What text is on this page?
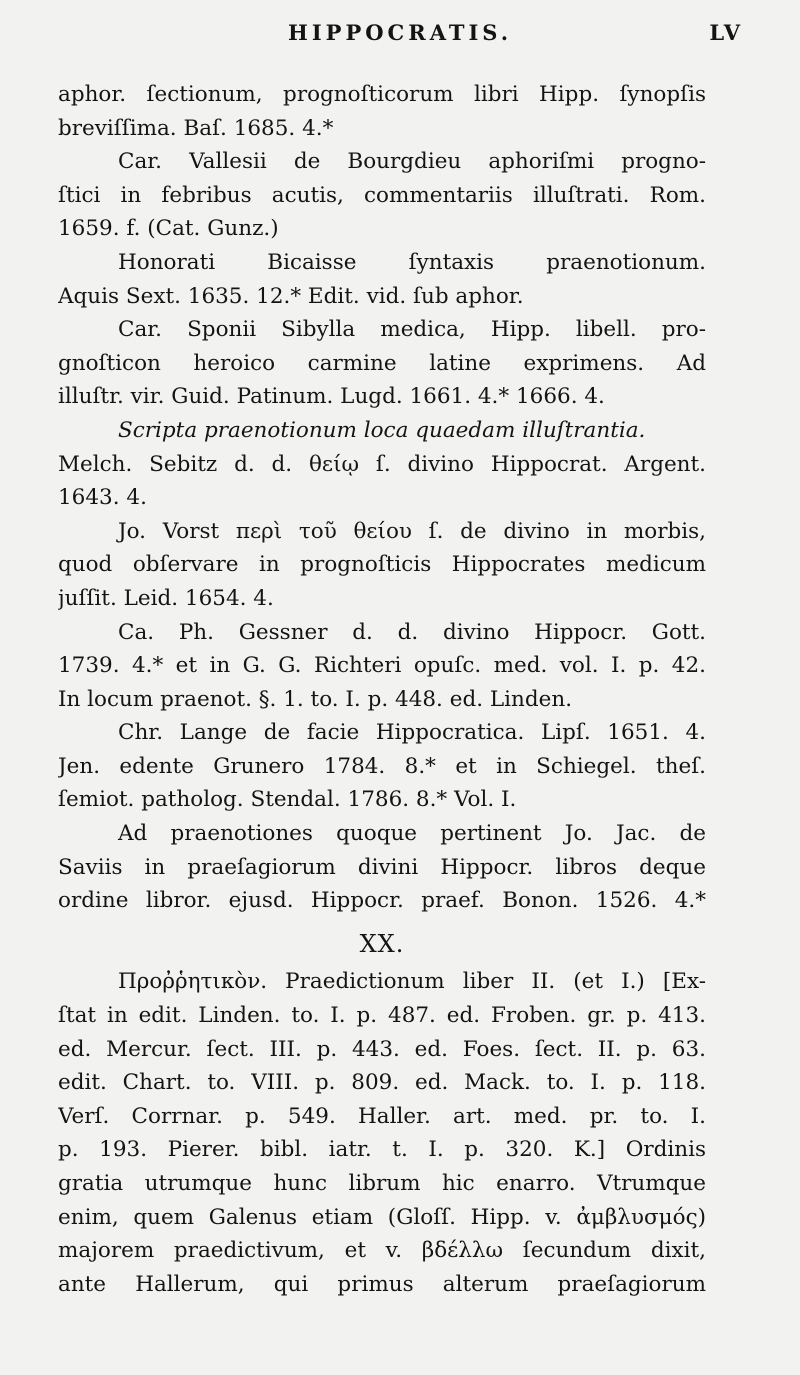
HIPPOCRATIS.	LV
aphor. ſectionum, prognoſticorum libri Hipp. ſynopſis
breviſſima. Baſ. 1685. 4.*
Car. Vallesii de Bourgdieu aphoriſmi progno-
ſtici in febribus acutis, commentariis illuſtrati. Rom.
1659. f. (Cat. Gunz.)
Honorati Bicaisse ſyntaxis praenotionum.
Aquis Sext. 1635. 12.* Edit. vid. ſub aphor.
Car. Sponii Sibylla medica, Hipp. libell. pro-
gnoſticon heroico carmine latine exprimens. Ad
illuſtr. vir. Guid. Patinum. Lugd. 1661. 4.* 1666. 4.
Scripta praenotionum loca quaedam illuſtrantia.
Melch. Sebitz d. d. θείῳ ſ. divino Hippocrat. Argent.
1643. 4.
Jo. Vorst περὶ τοῦ θείου ſ. de divino in morbis,
quod obſervare in prognoſticis Hippocrates medicum
juſſit. Leid. 1654. 4.
Ca. Ph. Gessner d. d. divino Hippocr. Gott.
1739. 4.* et in G. G. Richteri opuſc. med. vol. I. p. 42.
In locum praenot. §. 1. to. I. p. 448. ed. Linden.
Chr. Lange de facie Hippocratica. Lipſ. 1651. 4.
Jen. edente Grunero 1784. 8.* et in Schiegel. theſ.
ſemiot. patholog. Stendal. 1786. 8.* Vol. I.
Ad praenotiones quoque pertinent Jo. Jac. de
Saviis in praeſagiorum divini Hippocr. libros deque
ordine libror. ejusd. Hippocr. praef. Bonon. 1526. 4.*
XX.
Προῤῥητικὸν. Praedictionum liber II. (et I.) [Ex-
ſtat in edit. Linden. to. I. p. 487. ed. Froben. gr. p. 413.
ed. Mercur. ſect. III. p. 443. ed. Foes. ſect. II. p. 63.
edit. Chart. to. VIII. p. 809. ed. Mack. to. I. p. 118.
Verſ. Corrnar. p. 549. Haller. art. med. pr. to. I.
p. 193. Pierer. bibl. iatr. t. I. p. 320. K.] Ordinis
gratia utrumque hunc librum hic enarro. Vtrumque
enim, quem Galenus etiam (Gloſſ. Hipp. v. ἀμβλυσμός)
majorem praedictivum, et v. βδέλλω ſecundum dixit,
ante Hallerum, qui primus alterum praeſagiorum
